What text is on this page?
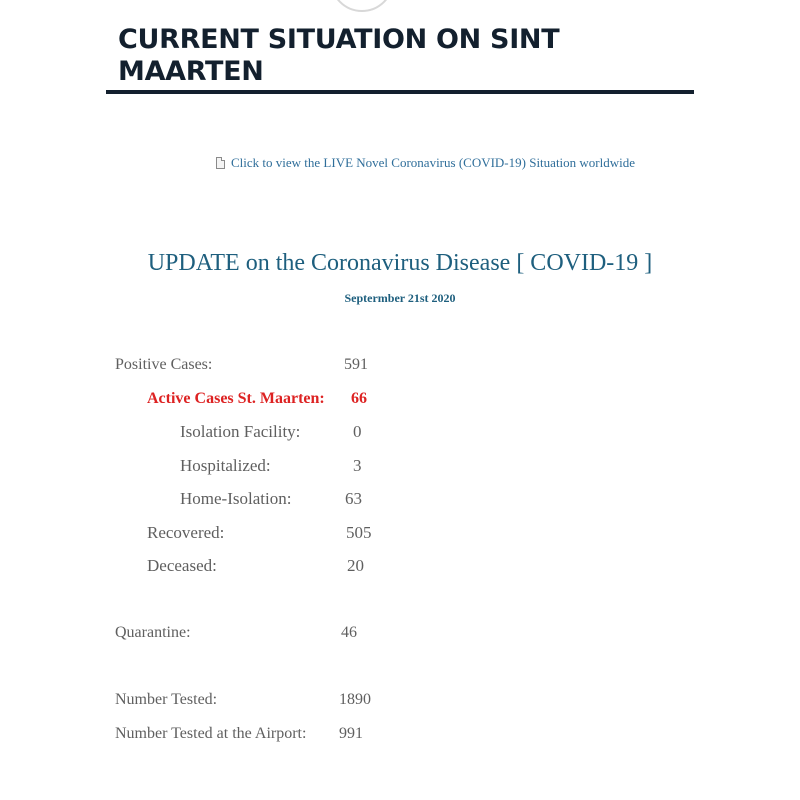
CURRENT SITUATION ON SINT MAARTEN
Click to view the LIVE Novel Coronavirus (COVID-19) Situation worldwide
UPDATE on the Coronavirus Disease [ COVID-19 ]
Septermber 21st 2020
Positive Cases:	591
Active Cases St. Maarten: 66
Isolation Facility:	0
Hospitalized:	3
Home-Isolation:	63
Recovered:	505
Deceased:	20
Quarantine:	46
Number Tested:	1890
Number Tested at the Airport: 991
